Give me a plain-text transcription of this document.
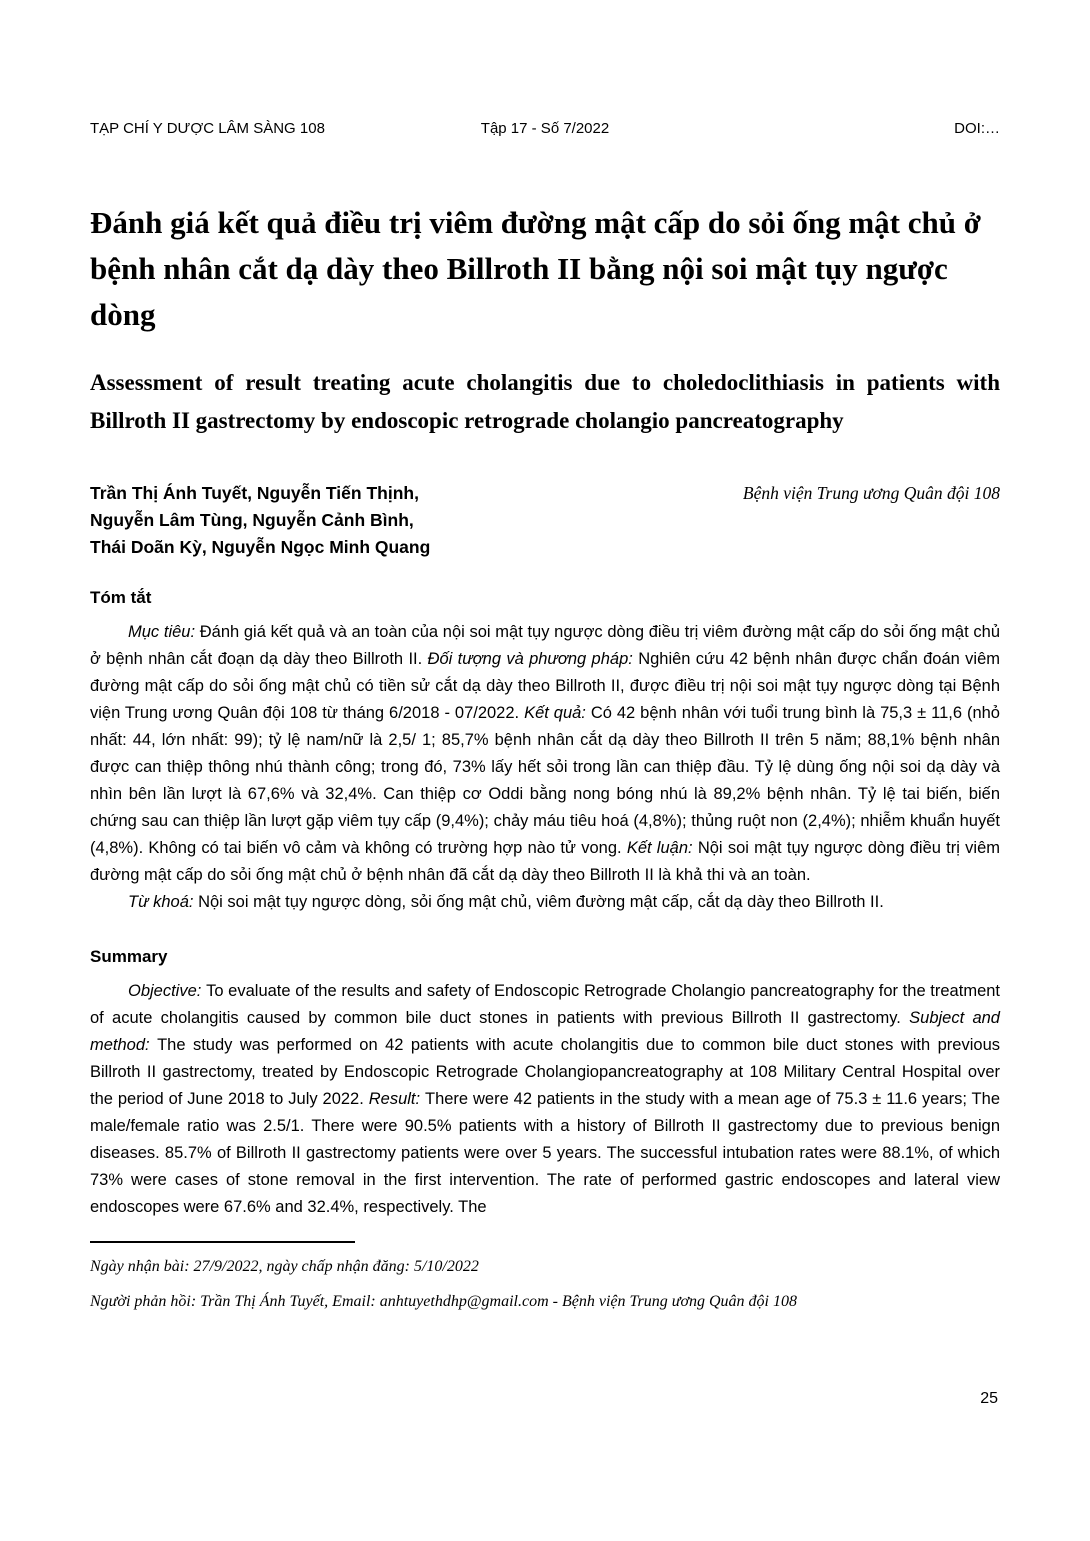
TẠP CHÍ Y DƯỢC LÂM SÀNG 108	Tập 17 - Số 7/2022	DOI:…
Đánh giá kết quả điều trị viêm đường mật cấp do sỏi ống mật chủ ở bệnh nhân cắt dạ dày theo Billroth II bằng nội soi mật tụy ngược dòng
Assessment of result treating acute cholangitis due to choledoclithiasis in patients with Billroth II gastrectomy by endoscopic retrograde cholangio pancreatography
Trần Thị Ánh Tuyết, Nguyễn Tiến Thịnh,
Nguyễn Lâm Tùng, Nguyễn Cảnh Bình,
Thái Doãn Kỳ, Nguyễn Ngọc Minh Quang
Bệnh viện Trung ương Quân đội 108
Tóm tắt

Mục tiêu: Đánh giá kết quả và an toàn của nội soi mật tụy ngược dòng điều trị viêm đường mật cấp do sỏi ống mật chủ ở bệnh nhân cắt đoạn dạ dày theo Billroth II. Đối tượng và phương pháp: Nghiên cứu 42 bệnh nhân được chẩn đoán viêm đường mật cấp do sỏi ống mật chủ có tiền sử cắt dạ dày theo Billroth II, được điều trị nội soi mật tụy ngược dòng tại Bệnh viện Trung ương Quân đội 108 từ tháng 6/2018 - 07/2022. Kết quả: Có 42 bệnh nhân với tuổi trung bình là 75,3 ± 11,6 (nhỏ nhất: 44, lớn nhất: 99); tỷ lệ nam/nữ là 2,5/ 1; 85,7% bệnh nhân cắt dạ dày theo Billroth II trên 5 năm; 88,1% bệnh nhân được can thiệp thông nhú thành công; trong đó, 73% lấy hết sỏi trong lần can thiệp đầu. Tỷ lệ dùng ống nội soi dạ dày và nhìn bên lần lượt là 67,6% và 32,4%. Can thiệp cơ Oddi bằng nong bóng nhú là 89,2% bệnh nhân. Tỷ lệ tai biến, biến chứng sau can thiệp lần lượt gặp viêm tụy cấp (9,4%); chảy máu tiêu hoá (4,8%); thủng ruột non (2,4%); nhiễm khuẩn huyết (4,8%). Không có tai biến vô cảm và không có trường hợp nào tử vong. Kết luận: Nội soi mật tụy ngược dòng điều trị viêm đường mật cấp do sỏi ống mật chủ ở bệnh nhân đã cắt dạ dày theo Billroth II là khả thi và an toàn.

Từ khoá: Nội soi mật tụy ngược dòng, sỏi ống mật chủ, viêm đường mật cấp, cắt dạ dày theo Billroth II.

Summary

Objective: To evaluate of the results and safety of Endoscopic Retrograde Cholangio pancreatography for the treatment of acute cholangitis caused by common bile duct stones in patients with previous Billroth II gastrectomy. Subject and method: The study was performed on 42 patients with acute cholangitis due to common bile duct stones with previous Billroth II gastrectomy, treated by Endoscopic Retrograde Cholangiopancreatography at 108 Military Central Hospital over the period of June 2018 to July 2022. Result: There were 42 patients in the study with a mean age of 75.3 ± 11.6 years; The male/female ratio was 2.5/1. There were 90.5% patients with a history of Billroth II gastrectomy due to previous benign diseases. 85.7% of Billroth II gastrectomy patients were over 5 years. The successful intubation rates were 88.1%, of which 73% were cases of stone removal in the first intervention. The rate of performed gastric endoscopes and lateral view endoscopes were 67.6% and 32.4%, respectively. The

Ngày nhận bài: 27/9/2022, ngày chấp nhận đăng: 5/10/2022

Người phản hồi: Trần Thị Ánh Tuyết, Email: anhtuyethdhp@gmail.com - Bệnh viện Trung ương Quân đội 108

25
